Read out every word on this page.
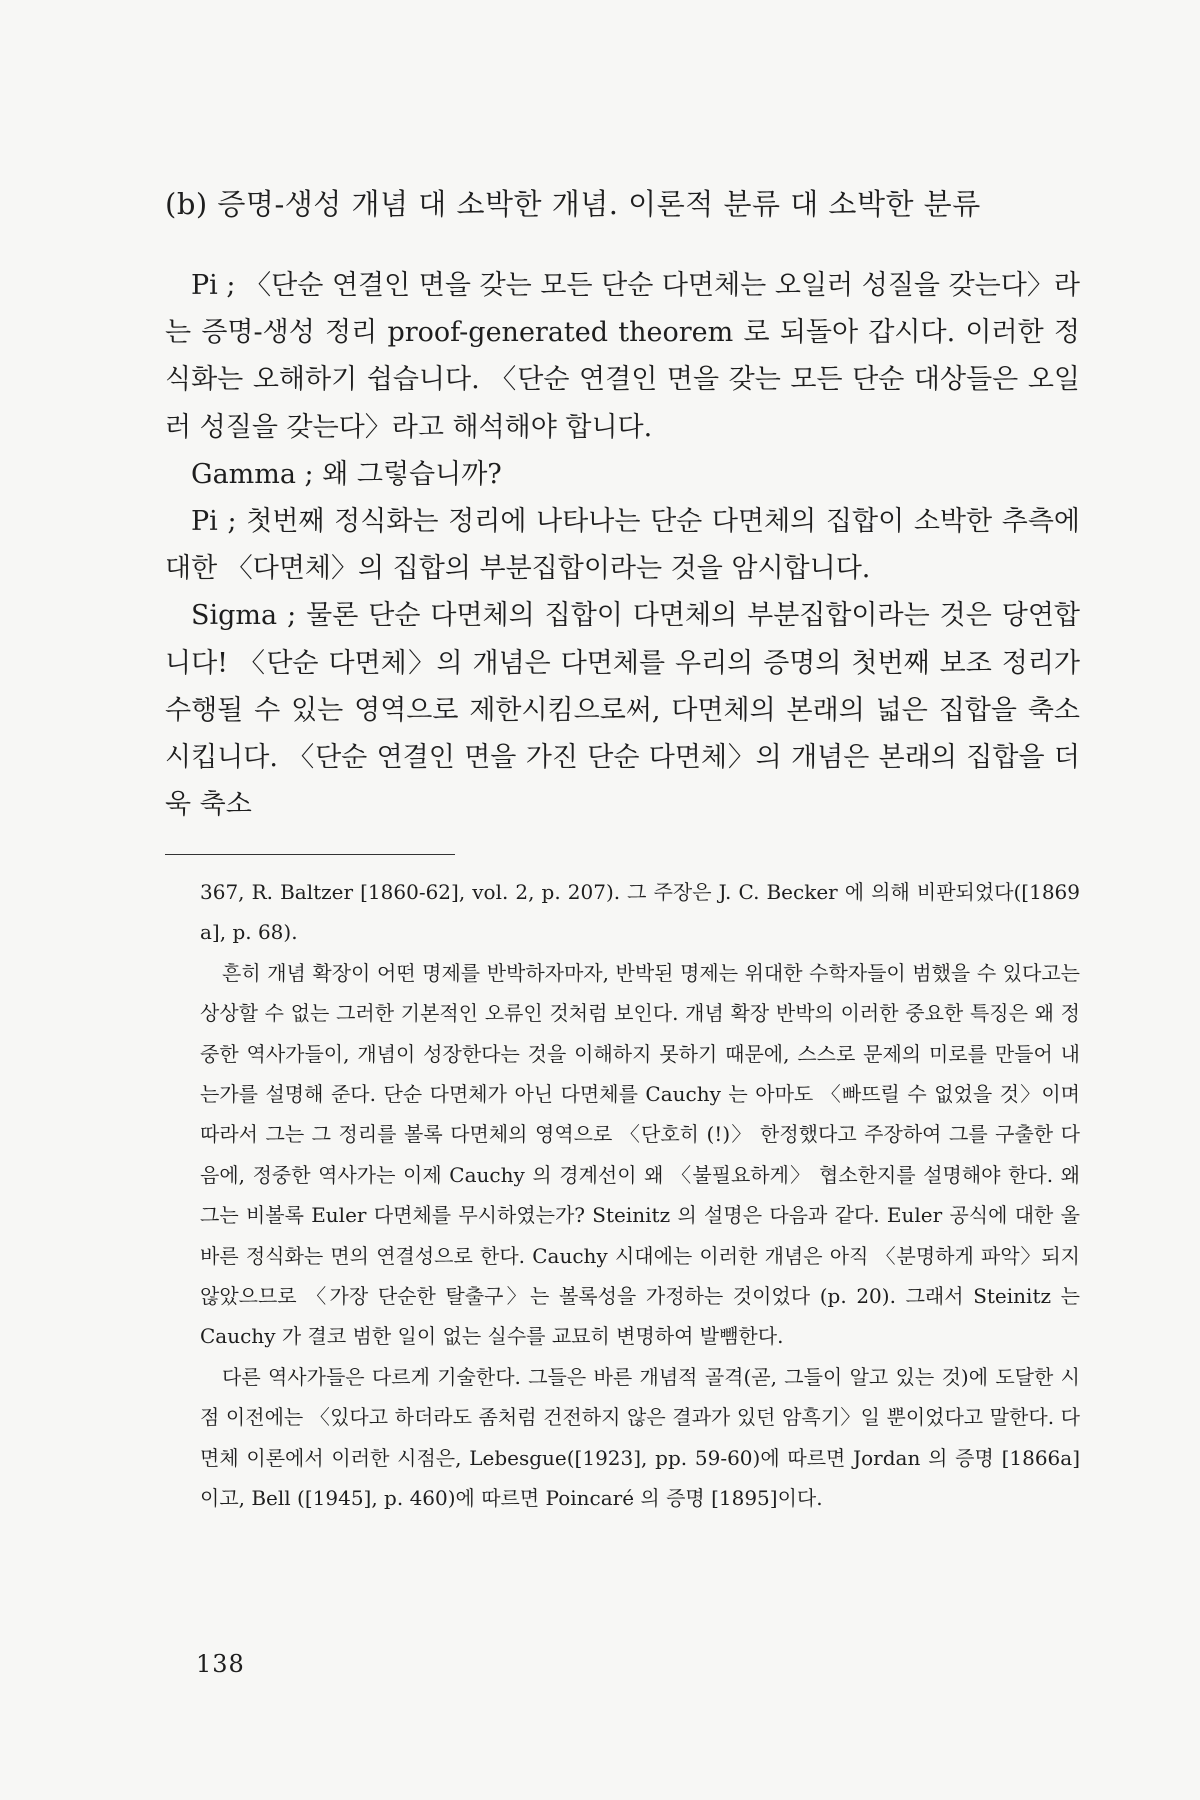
(b) 증명-생성 개념 대 소박한 개념. 이론적 분류 대 소박한 분류

Pi ; 〈단순 연결인 면을 갖는 모든 단순 다면체는 오일러 성질을 갖는다〉라는 증명-생성 정리 proof-generated theorem 로 되돌아 갑시다. 이러한 정식화는 오해하기 쉽습니다. 〈단순 연결인 면을 갖는 모든 단순 대상들은 오일러 성질을 갖는다〉라고 해석해야 합니다.

Gamma ; 왜 그렇습니까?

Pi ; 첫번째 정식화는 정리에 나타나는 단순 다면체의 집합이 소박한 추측에 대한 〈다면체〉의 집합의 부분집합이라는 것을 암시합니다.

Sigma ; 물론 단순 다면체의 집합이 다면체의 부분집합이라는 것은 당연합니다! 〈단순 다면체〉의 개념은 다면체를 우리의 증명의 첫번째 보조 정리가 수행될 수 있는 영역으로 제한시킴으로써, 다면체의 본래의 넓은 집합을 축소시킵니다. 〈단순 연결인 면을 가진 단순 다면체〉의 개념은 본래의 집합을 더욱 축소

367, R. Baltzer [1860-62], vol. 2, p. 207). 그 주장은 J. C. Becker 에 의해 비판되었다([1869 a], p. 68).

흔히 개념 확장이 어떤 명제를 반박하자마자, 반박된 명제는 위대한 수학자들이 범했을 수 있다고는 상상할 수 없는 그러한 기본적인 오류인 것처럼 보인다. 개념 확장 반박의 이러한 중요한 특징은 왜 정중한 역사가들이, 개념이 성장한다는 것을 이해하지 못하기 때문에, 스스로 문제의 미로를 만들어 내는가를 설명해 준다. 단순 다면체가 아닌 다면체를 Cauchy 는 아마도 〈빠뜨릴 수 없었을 것〉이며 따라서 그는 그 정리를 볼록 다면체의 영역으로 〈단호히 (!)〉 한정했다고 주장하여 그를 구출한 다음에, 정중한 역사가는 이제 Cauchy 의 경계선이 왜 〈불필요하게〉 협소한지를 설명해야 한다. 왜 그는 비볼록 Euler 다면체를 무시하였는가? Steinitz 의 설명은 다음과 같다. Euler 공식에 대한 올바른 정식화는 면의 연결성으로 한다. Cauchy 시대에는 이러한 개념은 아직 〈분명하게 파악〉되지 않았으므로 〈가장 단순한 탈출구〉는 볼록성을 가정하는 것이었다 (p. 20). 그래서 Steinitz 는 Cauchy 가 결코 범한 일이 없는 실수를 교묘히 변명하여 발뺌한다.

다른 역사가들은 다르게 기술한다. 그들은 바른 개념적 골격(곧, 그들이 알고 있는 것)에 도달한 시점 이전에는 〈있다고 하더라도 좀처럼 건전하지 않은 결과가 있던 암흑기〉일 뿐이었다고 말한다. 다면체 이론에서 이러한 시점은, Lebesgue([1923], pp. 59-60)에 따르면 Jordan 의 증명 [1866a]이고, Bell ([1945], p. 460)에 따르면 Poincaré 의 증명 [1895]이다.

138
